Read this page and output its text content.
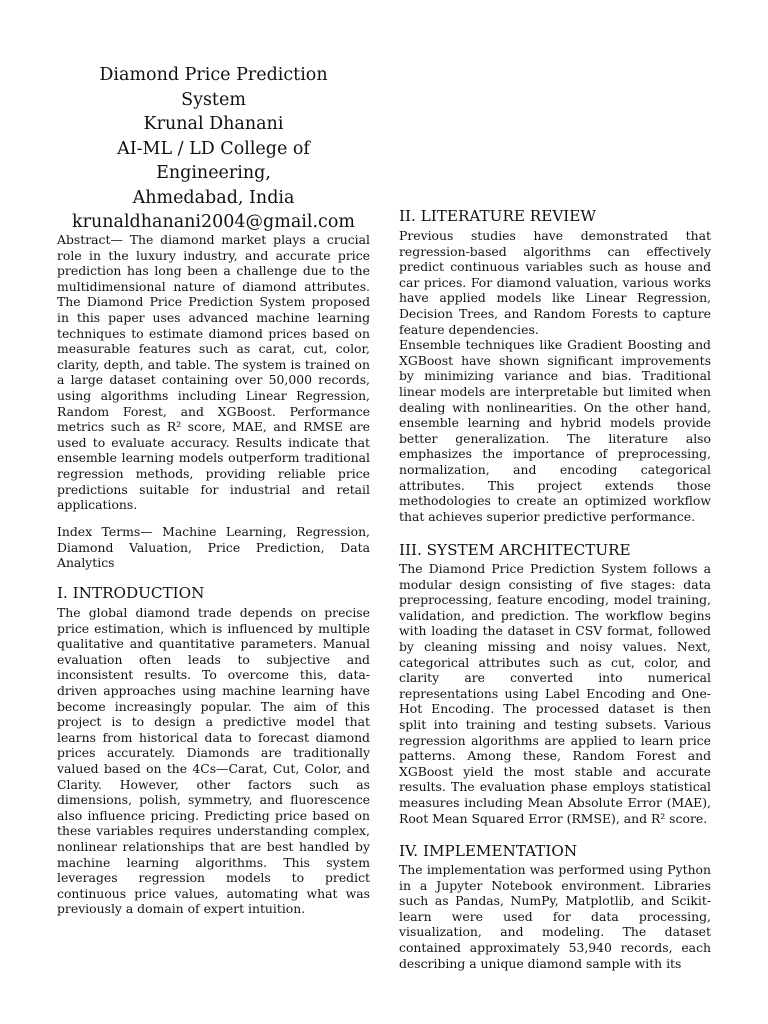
Diamond Price Prediction
System
Krunal Dhanani
AI-ML / LD College of
Engineering,
Ahmedabad, India
krunaldhanani2004@gmail.com

Abstract— The diamond market plays a crucial role in the luxury industry, and accurate price prediction has long been a challenge due to the multidimensional nature of diamond attributes. The Diamond Price Prediction System proposed in this paper uses advanced machine learning techniques to estimate diamond prices based on measurable features such as carat, cut, color, clarity, depth, and table. The system is trained on a large dataset containing over 50,000 records, using algorithms including Linear Regression, Random Forest, and XGBoost. Performance metrics such as R² score, MAE, and RMSE are used to evaluate accuracy. Results indicate that ensemble learning models outperform traditional regression methods, providing reliable price predictions suitable for industrial and retail applications.

Index Terms— Machine Learning, Regression, Diamond Valuation, Price Prediction, Data Analytics

I. INTRODUCTION

The global diamond trade depends on precise price estimation, which is influenced by multiple qualitative and quantitative parameters. Manual evaluation often leads to subjective and inconsistent results. To overcome this, data-driven approaches using machine learning have become increasingly popular. The aim of this project is to design a predictive model that learns from historical data to forecast diamond prices accurately. Diamonds are traditionally valued based on the 4Cs—Carat, Cut, Color, and Clarity. However, other factors such as dimensions, polish, symmetry, and fluorescence also influence pricing. Predicting price based on these variables requires understanding complex, nonlinear relationships that are best handled by machine learning algorithms. This system leverages regression models to predict continuous price values, automating what was previously a domain of expert intuition.

II. LITERATURE REVIEW

Previous studies have demonstrated that regression-based algorithms can effectively predict continuous variables such as house and car prices. For diamond valuation, various works have applied models like Linear Regression, Decision Trees, and Random Forests to capture feature dependencies.

Ensemble techniques like Gradient Boosting and XGBoost have shown significant improvements by minimizing variance and bias. Traditional linear models are interpretable but limited when dealing with nonlinearities. On the other hand, ensemble learning and hybrid models provide better generalization. The literature also emphasizes the importance of preprocessing, normalization, and encoding categorical attributes. This project extends those methodologies to create an optimized workflow that achieves superior predictive performance.

III. SYSTEM ARCHITECTURE

The Diamond Price Prediction System follows a modular design consisting of five stages: data preprocessing, feature encoding, model training, validation, and prediction. The workflow begins with loading the dataset in CSV format, followed by cleaning missing and noisy values. Next, categorical attributes such as cut, color, and clarity are converted into numerical representations using Label Encoding and One-Hot Encoding. The processed dataset is then split into training and testing subsets. Various regression algorithms are applied to learn price patterns. Among these, Random Forest and XGBoost yield the most stable and accurate results. The evaluation phase employs statistical measures including Mean Absolute Error (MAE), Root Mean Squared Error (RMSE), and R² score.

IV. IMPLEMENTATION

The implementation was performed using Python in a Jupyter Notebook environment. Libraries such as Pandas, NumPy, Matplotlib, and Scikit-learn were used for data processing, visualization, and modeling. The dataset contained approximately 53,940 records, each describing a unique diamond sample with its
